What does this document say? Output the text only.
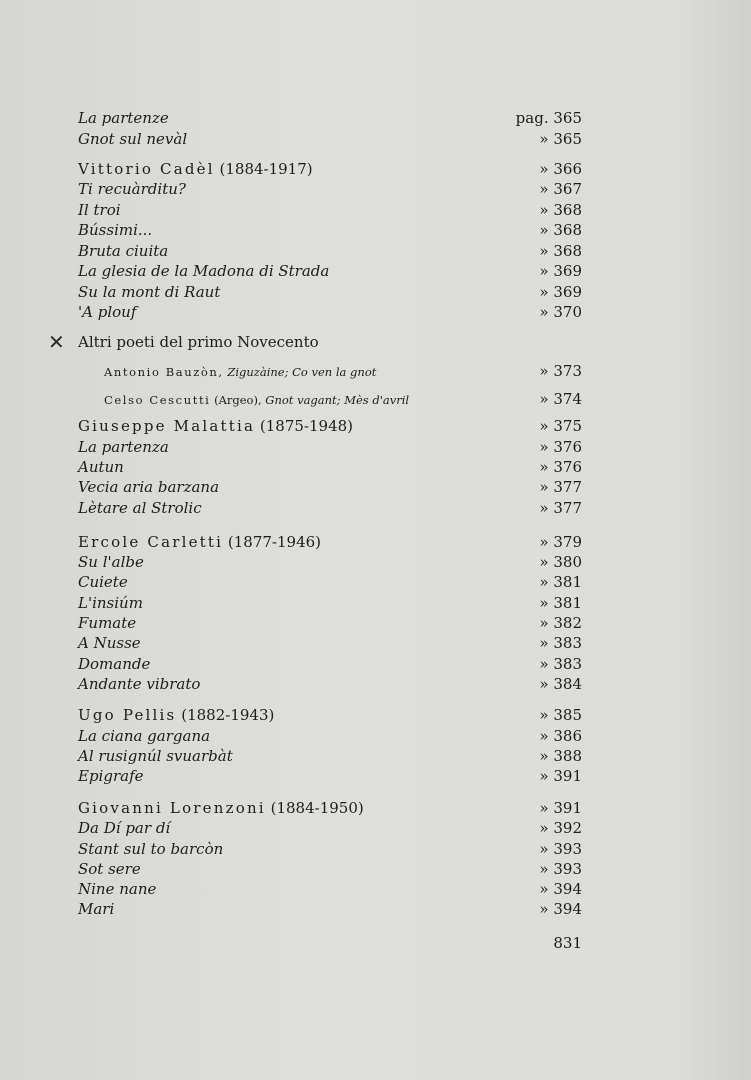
✕
La partenze	pag. 365
Gnot sul nevàl	» 365
Vittorio Cadèl (1884-1917)	» 366
Ti recuàrditu?	» 367
Il troi	» 368
Bússimi...	» 368
Bruta ciuita	» 368
La glesia de la Madona di Strada	» 369
Su la mont di Raut	» 369
'A plouf	» 370
Altri poeti del primo Novecento
Antonio Bauzòn, Ziguzàine; Co ven la gnot	» 373
Celso Cescutti (Argeo), Gnot vagant; Mès d'avril	» 374
Giuseppe Malattia (1875-1948)	» 375
La partenza	» 376
Autun	» 376
Vecia aria barzana	» 377
Lètare al Strolic	» 377
Ercole Carletti (1877-1946)	» 379
Su l'albe	» 380
Cuiete	» 381
L'insiúm	» 381
Fumate	» 382
A Nusse	» 383
Domande	» 383
Andante vibrato	» 384
Ugo Pellis (1882-1943)	» 385
La ciana gargana	» 386
Al rusignúl svuarbàt	» 388
Epigrafe	» 391
Giovanni Lorenzoni (1884-1950)	» 391
Da Dí par dí	» 392
Stant sul to barcòn	» 393
Sot sere	» 393
Nine nane	» 394
Mari	» 394
831
